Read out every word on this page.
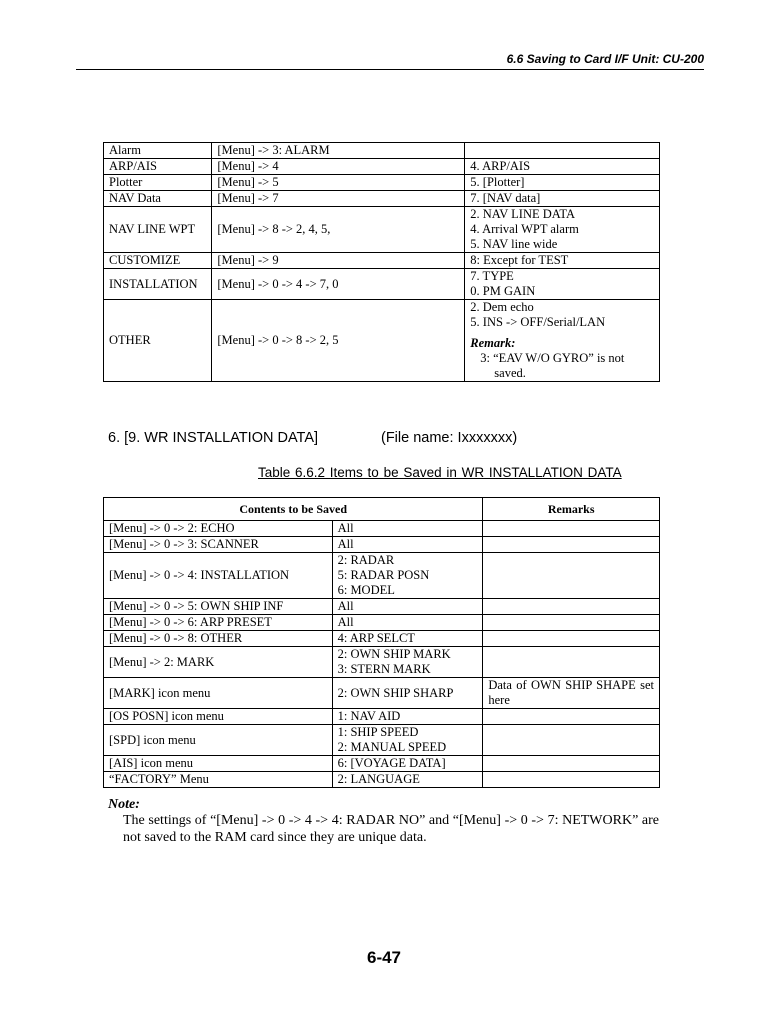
6.6 Saving to Card I/F Unit: CU-200
Alarm	[Menu] -> 3: ALARM	
ARP/AIS	[Menu] -> 4	4. ARP/AIS

Plotter	[Menu] -> 5	5. [Plotter]

NAV Data	[Menu] -> 7	7. [NAV data]

NAV LINE WPT	[Menu] -> 8 -> 2, 4, 5,	2. NAV LINE DATA
4. Arrival WPT alarm
5. NAV line wide

CUSTOMIZE	[Menu] -> 9	8: Except for TEST

INSTALLATION	[Menu] -> 0 -> 4 -> 7, 0	7. TYPE
0. PM GAIN

OTHER	[Menu] -> 0 -> 8 -> 2, 5	2. Dem echo
5. INS -> OFF/Serial/LAN
Remark:
3: “EAV W/O GYRO” is not
saved.
6. [9. WR INSTALLATION DATA]	(File name: Ixxxxxxx)
Table 6.6.2 Items to be Saved in WR INSTALLATION DATA
Contents to be Saved		Remarks
[Menu] -> 0 -> 2: ECHO	All	

[Menu] -> 0 -> 3: SCANNER	All	

[Menu] -> 0 -> 4: INSTALLATION	2: RADAR
5: RADAR POSN
6: MODEL	

[Menu] -> 0 -> 5: OWN SHIP INF	All	

[Menu] -> 0 -> 6: ARP PRESET	All	

[Menu] -> 0 -> 8: OTHER	4: ARP SELCT	

[Menu] -> 2: MARK	2: OWN SHIP MARK
3: STERN MARK	

[MARK] icon menu	2: OWN SHIP SHARP	Data of OWN SHIP SHAPE set here
[OS POSN] icon menu	1: NAV AID	

[SPD] icon menu	1: SHIP SPEED
2: MANUAL SPEED	

[AIS] icon menu	6: [VOYAGE DATA]	

“FACTORY” Menu	2: LANGUAGE	

Note:
The settings of “[Menu] -> 0 -> 4 -> 4: RADAR NO” and “[Menu] -> 0 -> 7: NETWORK” are not saved to the RAM card since they are unique data.
6-47
